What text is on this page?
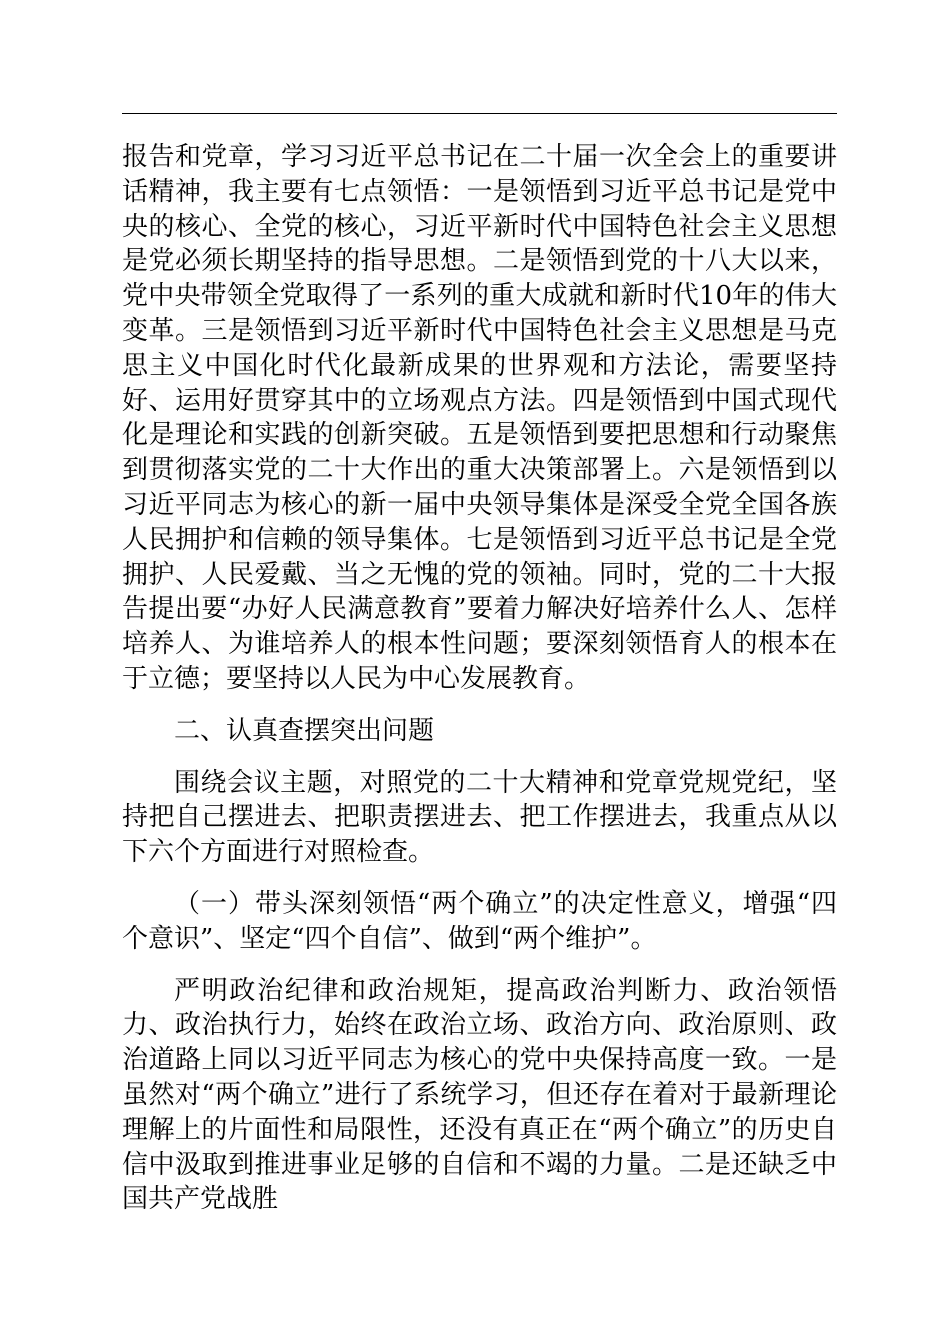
报告和党章，学习习近平总书记在二十届一次全会上的重要讲话精神，我主要有七点领悟：一是领悟到习近平总书记是党中央的核心、全党的核心，习近平新时代中国特色社会主义思想是党必须长期坚持的指导思想。二是领悟到党的十八大以来，党中央带领全党取得了一系列的重大成就和新时代10年的伟大变革。三是领悟到习近平新时代中国特色社会主义思想是马克思主义中国化时代化最新成果的世界观和方法论，需要坚持好、运用好贯穿其中的立场观点方法。四是领悟到中国式现代化是理论和实践的创新突破。五是领悟到要把思想和行动聚焦到贯彻落实党的二十大作出的重大决策部署上。六是领悟到以习近平同志为核心的新一届中央领导集体是深受全党全国各族人民拥护和信赖的领导集体。七是领悟到习近平总书记是全党拥护、人民爱戴、当之无愧的党的领袖。同时，党的二十大报告提出要“办好人民满意教育”要着力解决好培养什么人、怎样培养人、为谁培养人的根本性问题；要深刻领悟育人的根本在于立德；要坚持以人民为中心发展教育。

二、认真查摆突出问题

围绕会议主题，对照党的二十大精神和党章党规党纪，坚持把自己摆进去、把职责摆进去、把工作摆进去，我重点从以下六个方面进行对照检查。

（一）带头深刻领悟“两个确立”的决定性意义，增强“四个意识”、坚定“四个自信”、做到“两个维护”。

严明政治纪律和政治规矩，提高政治判断力、政治领悟力、政治执行力，始终在政治立场、政治方向、政治原则、政治道路上同以习近平同志为核心的党中央保持高度一致。一是虽然对“两个确立”进行了系统学习，但还存在着对于最新理论理解上的片面性和局限性，还没有真正在“两个确立”的历史自信中汲取到推进事业足够的自信和不竭的力量。二是还缺乏中国共产党战胜
